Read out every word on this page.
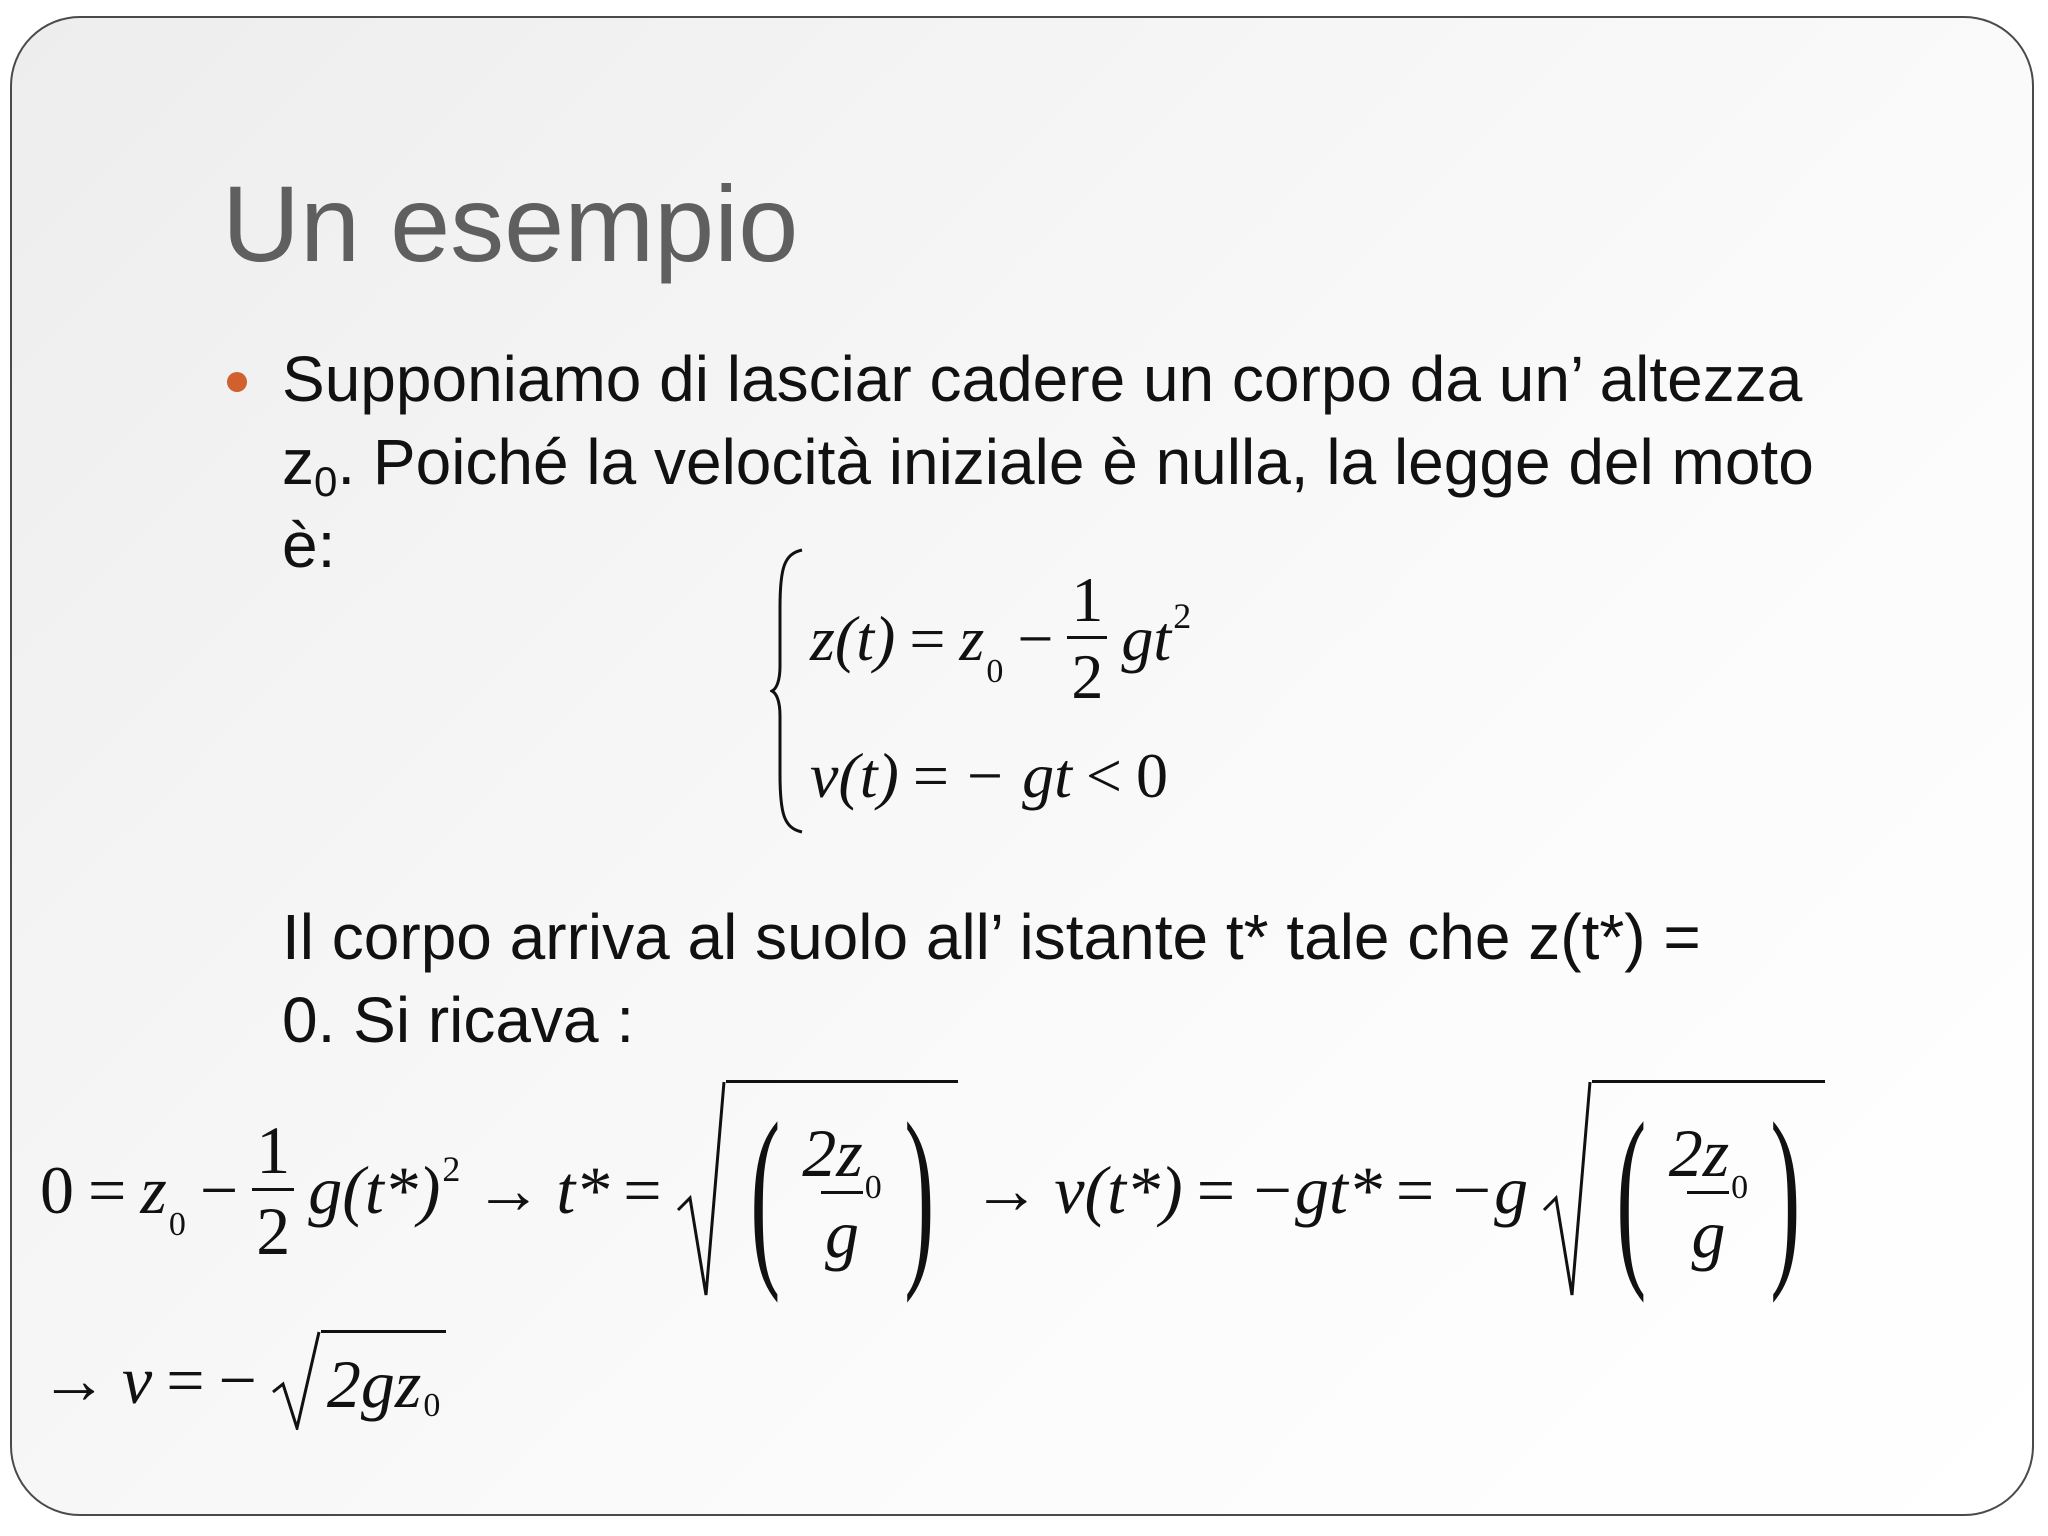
Un esempio

Supponiamo di lasciar cadere un corpo da un’ altezza
$z_0$. Poiché la velocità iniziale è nulla, la legge del moto
è:

$z(t) = z_0 - \frac{1}{2} gt^2$
v(t) = − gt < 0

Il corpo arriva al suolo all’ istante t* tale che z(t*) =
0. Si ricava :

$0 = z_0 - \frac{1}{2} g(t*)^2 \to t*$ = ( $\frac{2z_0}{g}$ ) → v(t*) = −gt* = −g ( $\frac{2z_0}{g}$ )
→ v = − 2gz 0
